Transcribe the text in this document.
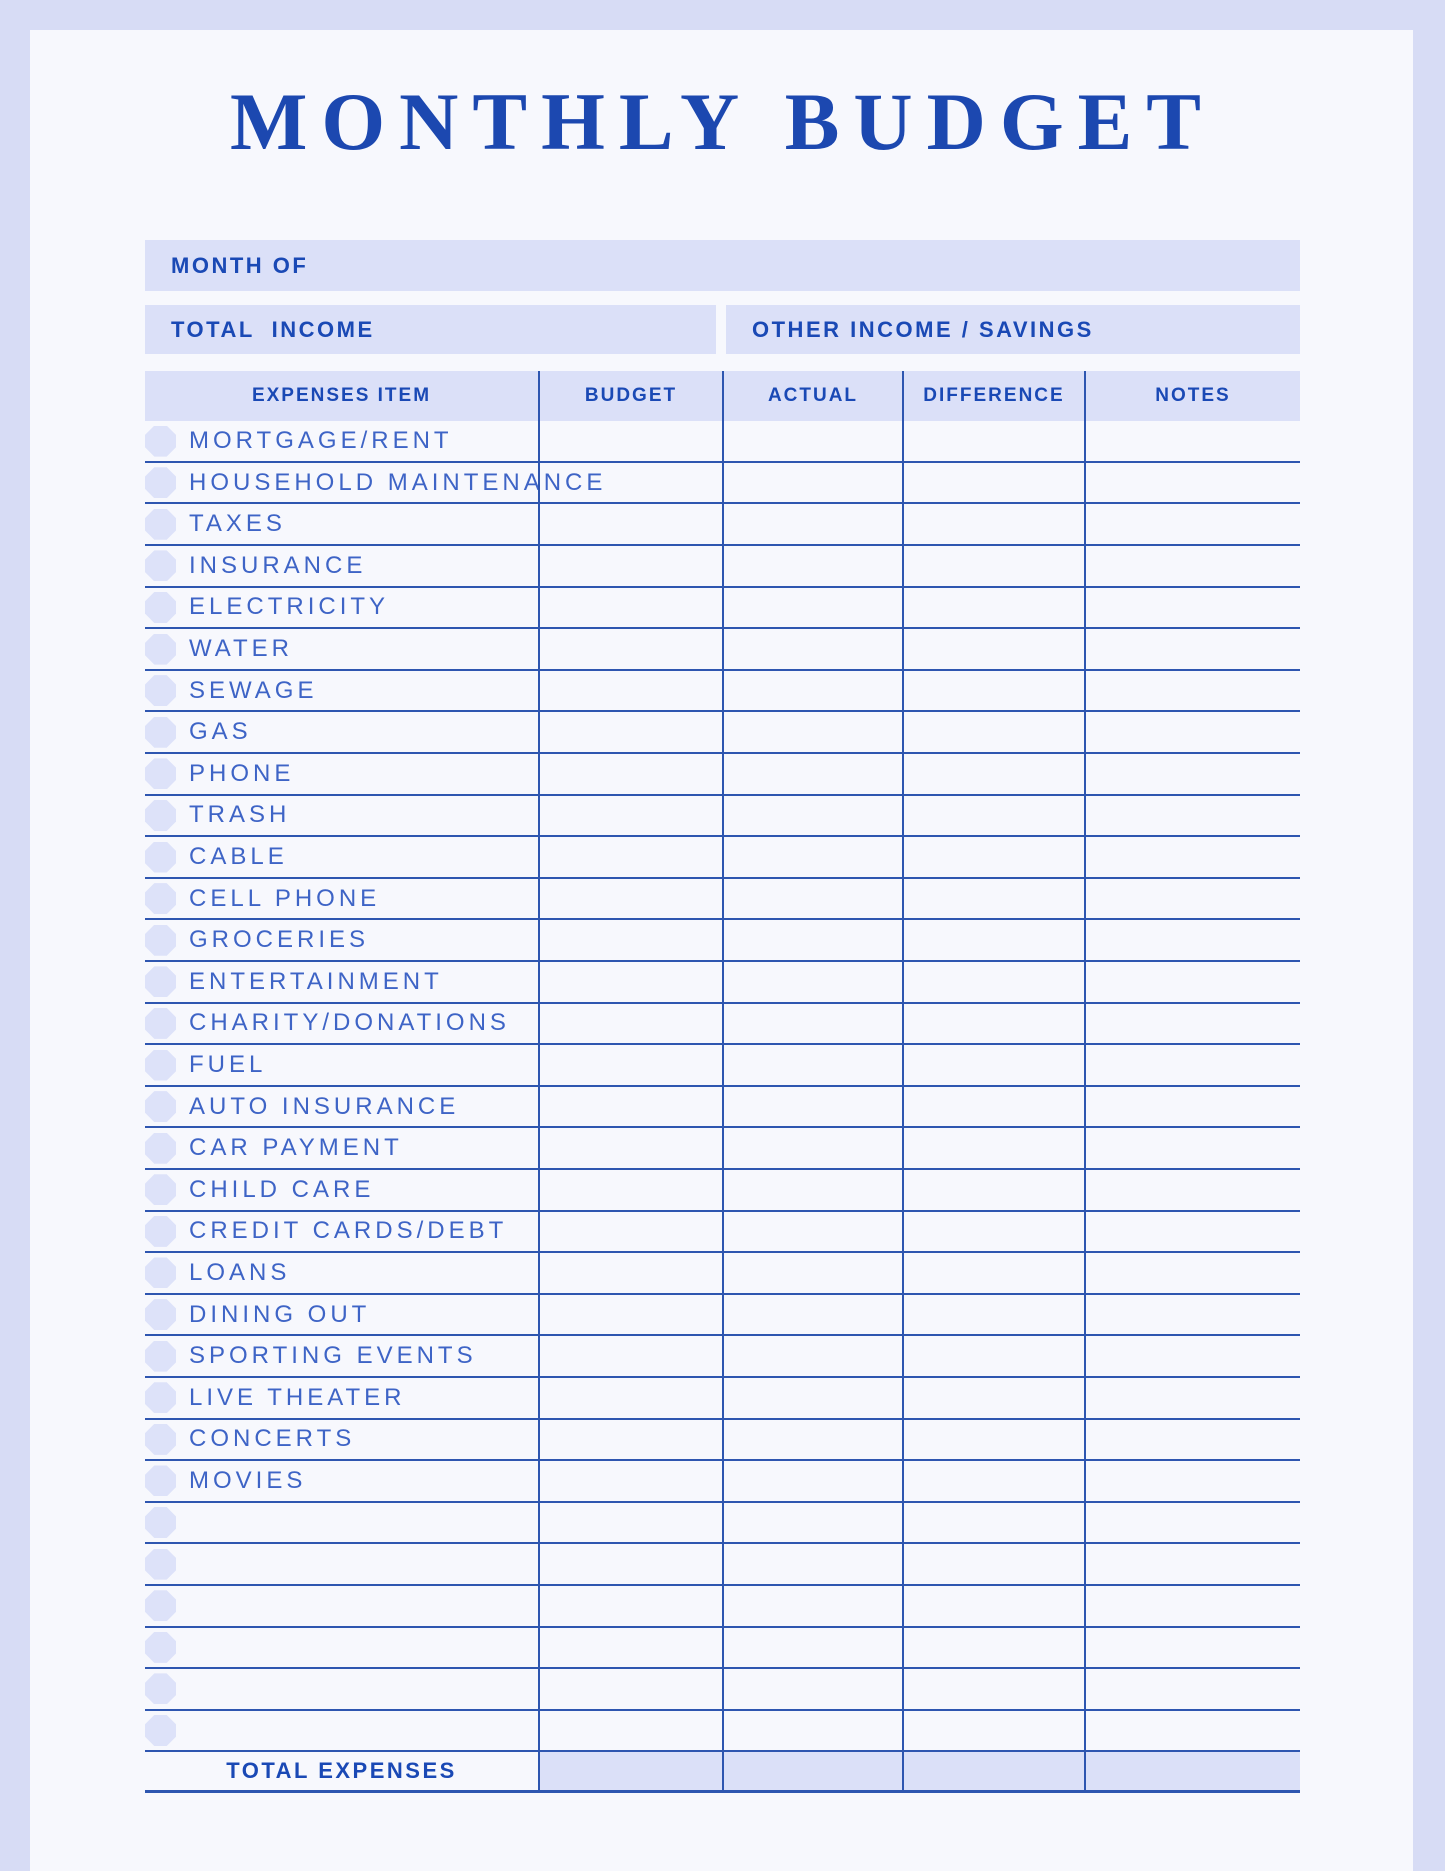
MONTHLY BUDGET
MONTH OF
TOTAL  INCOME	OTHER INCOME / SAVINGS
EXPENSES ITEM	BUDGET	ACTUAL	DIFFERENCE	NOTES
MORTGAGE/RENT
HOUSEHOLD MAINTENANCE
TAXES
INSURANCE
ELECTRICITY
WATER
SEWAGE
GAS
PHONE
TRASH
CABLE
CELL PHONE
GROCERIES
ENTERTAINMENT
CHARITY/DONATIONS
FUEL
AUTO INSURANCE
CAR PAYMENT
CHILD CARE
CREDIT CARDS/DEBT
LOANS
DINING OUT
SPORTING EVENTS
LIVE THEATER
CONCERTS
MOVIES
TOTAL EXPENSES
